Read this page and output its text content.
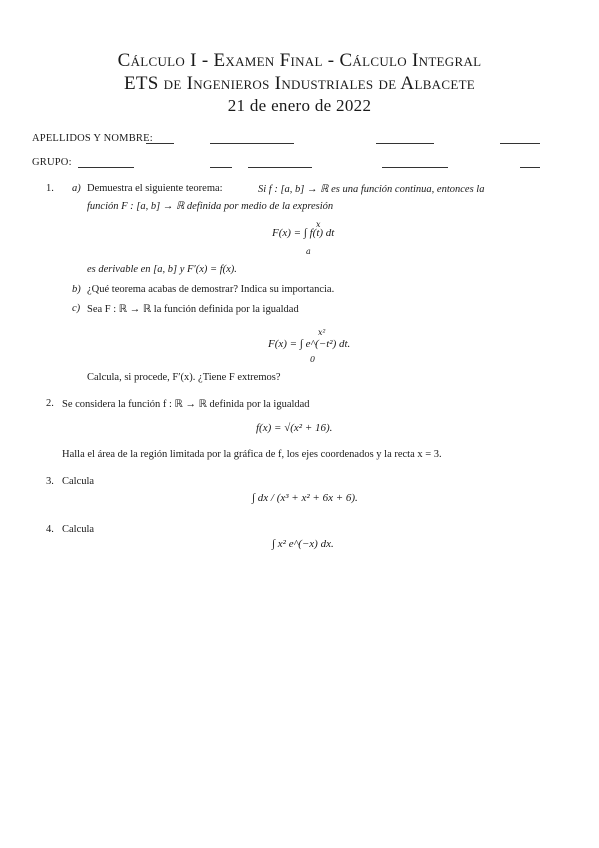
Cálculo I - Examen Final - Cálculo Integral
ETS de Ingenieros Industriales de Albacete
21 de enero de 2022
APELLIDOS Y NOMBRE:
GRUPO:
1. a) Demuestra el siguiente teorema:	Si f : [a, b] → ℝ es una función continua, entonces la
función F : [a, b] → ℝ definida por medio de la expresión
F(x) = ∫ f(t) dt
x
a
es derivable en [a, b] y F′(x) = f(x).
b) ¿Qué teorema acabas de demostrar? Indica su importancia.
c) Sea F : ℝ → ℝ la función definida por la igualdad
F(x) = ∫ e^(−t²) dt.
x²
0
Calcula, si procede, F′(x). ¿Tiene F extremos?
2. Se considera la función f : ℝ → ℝ definida por la igualdad
f(x) = √(x² + 16).
Halla el área de la región limitada por la gráfica de f, los ejes coordenados y la recta x = 3.
3. Calcula
∫ dx / (x³ + x² + 6x + 6).
4. Calcula
∫ x² e^(−x) dx.
